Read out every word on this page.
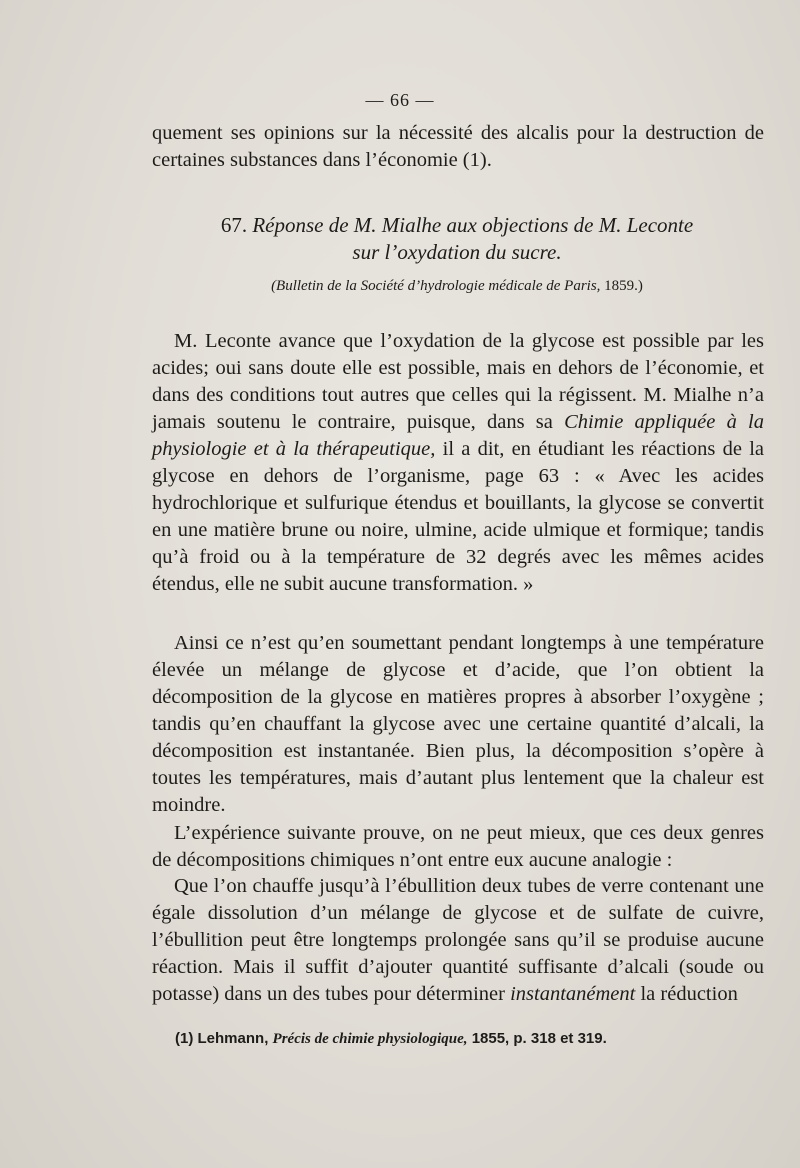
— 66 —

quement ses opinions sur la nécessité des alcalis pour la destruction de certaines substances dans l’économie (1).

67. Réponse de M. Mialhe aux objections de M. Leconte
sur l’oxydation du sucre.
(Bulletin de la Société d’hydrologie médicale de Paris, 1859.)

M. Leconte avance que l’oxydation de la glycose est possible par les acides; oui sans doute elle est possible, mais en dehors de l’économie, et dans des conditions tout autres que celles qui la régissent. M. Mialhe n’a jamais soutenu le contraire, puisque, dans sa Chimie appliquée à la physiologie et à la thérapeutique, il a dit, en étudiant les réactions de la glycose en dehors de l’organisme, page 63 : « Avec les acides hydrochlorique et sulfurique étendus et bouillants, la glycose se convertit en une matière brune ou noire, ulmine, acide ulmique et formique; tandis qu’à froid ou à la température de 32 degrés avec les mêmes acides étendus, elle ne subit aucune transformation. »

Ainsi ce n’est qu’en soumettant pendant longtemps à une température élevée un mélange de glycose et d’acide, que l’on obtient la décomposition de la glycose en matières propres à absorber l’oxygène ; tandis qu’en chauffant la glycose avec une certaine quantité d’alcali, la décomposition est instantanée. Bien plus, la décomposition s’opère à toutes les températures, mais d’autant plus lentement que la chaleur est moindre.

L’expérience suivante prouve, on ne peut mieux, que ces deux genres de décompositions chimiques n’ont entre eux aucune analogie :

Que l’on chauffe jusqu’à l’ébullition deux tubes de verre contenant une égale dissolution d’un mélange de glycose et de sulfate de cuivre, l’ébullition peut être longtemps prolongée sans qu’il se produise aucune réaction. Mais il suffit d’ajouter quantité suffisante d’alcali (soude ou potasse) dans un des tubes pour déterminer instantanément la réduction

(1) Lehmann, Précis de chimie physiologique, 1855, p. 318 et 319.
